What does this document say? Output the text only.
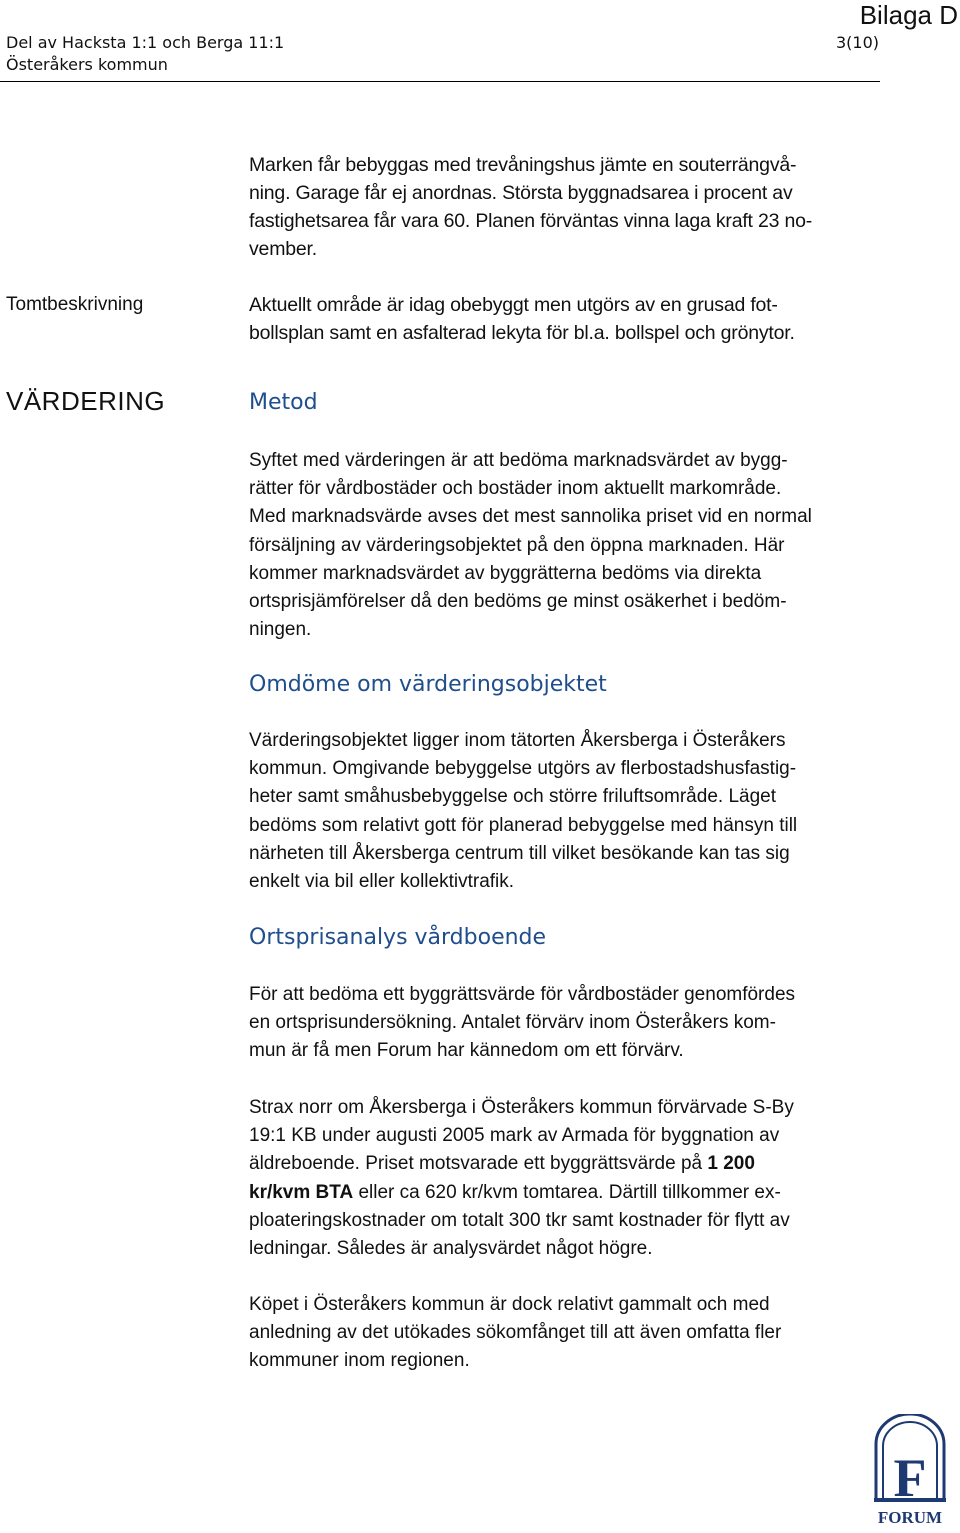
Bilaga D
Del av Hacksta 1:1 och Berga 11:1	3(10)
Österåkers kommun
Marken får bebyggas med trevåningshus jämte en souterrängvå-
ning. Garage får ej anordnas. Största byggnadsarea i procent av
fastighetsarea får vara 60. Planen förväntas vinna laga kraft 23 no-
vember.
Tomtbeskrivning	Aktuellt område är idag obebyggt men utgörs av en grusad fot-
bollsplan samt en asfalterad lekyta för bl.a. bollspel och grönytor.
VÄRDERING	Metod
Syftet med värderingen är att bedöma marknadsvärdet av bygg-
rätter för vårdbostäder och bostäder inom aktuellt markområde.
Med marknadsvärde avses det mest sannolika priset vid en normal
försäljning av värderingsobjektet på den öppna marknaden. Här
kommer marknadsvärdet av byggrätterna bedöms via direkta
ortsprisjämförelser då den bedöms ge minst osäkerhet i bedöm-
ningen.
Omdöme om värderingsobjektet
Värderingsobjektet ligger inom tätorten Åkersberga i Österåkers
kommun. Omgivande bebyggelse utgörs av flerbostadshusfastig-
heter samt småhusbebyggelse och större friluftsområde. Läget
bedöms som relativt gott för planerad bebyggelse med hänsyn till
närheten till Åkersberga centrum till vilket besökande kan tas sig
enkelt via bil eller kollektivtrafik.
Ortsprisanalys vårdboende
För att bedöma ett byggrättsvärde för vårdbostäder genomfördes
en ortsprisundersökning. Antalet förvärv inom Österåkers kom-
mun är få men Forum har kännedom om ett förvärv.
Strax norr om Åkersberga i Österåkers kommun förvärvade S-By
19:1 KB under augusti 2005 mark av Armada för byggnation av
äldreboende. Priset motsvarade ett byggrättsvärde på 1 200
kr/kvm BTA eller ca 620 kr/kvm tomtarea. Därtill tillkommer ex-
ploateringskostnader om totalt 300 tkr samt kostnader för flytt av
ledningar. Således är analysvärdet något högre.
Köpet i Österåkers kommun är dock relativt gammalt och med
anledning av det utökades sökomfånget till att även omfatta fler
kommuner inom regionen.
F
FORUM
